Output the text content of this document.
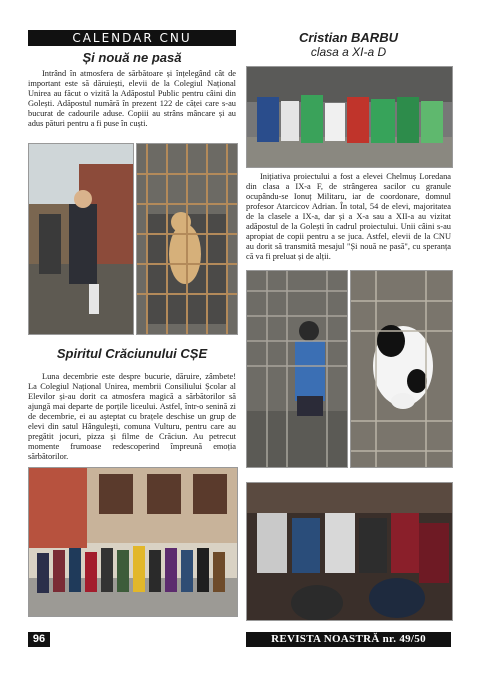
CALENDAR CNU
Și nouă ne pasă

Intrând în atmosfera de sărbătoare și înțelegând cât de important este să dăruiești, elevii de la Colegiul Național Unirea au făcut o vizită la Adăpostul Public pentru câini din Golești. Adăpostul numără în prezent 122 de căței care s-au bucurat de cadourile aduse. Copiii au strâns mâncare și au adus pături pentru a fi puse în cuști.

Spiritul Crăciunului CȘE

Luna decembrie este despre bucurie, dăruire, zâmbete! La Colegiul Național Unirea, membrii Consiliului Școlar al Elevilor și-au dorit ca atmosfera magică a sărbătorilor să ajungă mai departe de porțile liceului. Astfel, într-o senină zi de decembrie, ei au așteptat cu brațele deschise un grup de elevi din satul Hânguleşti, comuna Vulturu, pentru care au pregătit jocuri, pizza și filme de Crăciun. Au petrecut momente frumoase redescoperind împreună emoția sărbătorilor.

Cristian BARBU
clasa a XI-a D

Inițiativa proiectului a fost a elevei Chelmuș Loredana din clasa a IX-a F, de strângerea sacilor cu granule ocupându-se Ionuț Militaru, iar de coordonare, domnul profesor Atarcicov Adrian. În total, 54 de elevi, majoritatea de la clasele a IX-a, dar și a X-a sau a XII-a au vizitat adăpostul de la Golești în cadrul proiectului. Unii câini s-au apropiat de copii pentru a se juca. Astfel, elevii de la CNU au dorit să transmită mesajul "Și nouă ne pasă", cu speranța că va fi preluat și de alții.

96	REVISTA NOASTRĂ nr. 49/50
